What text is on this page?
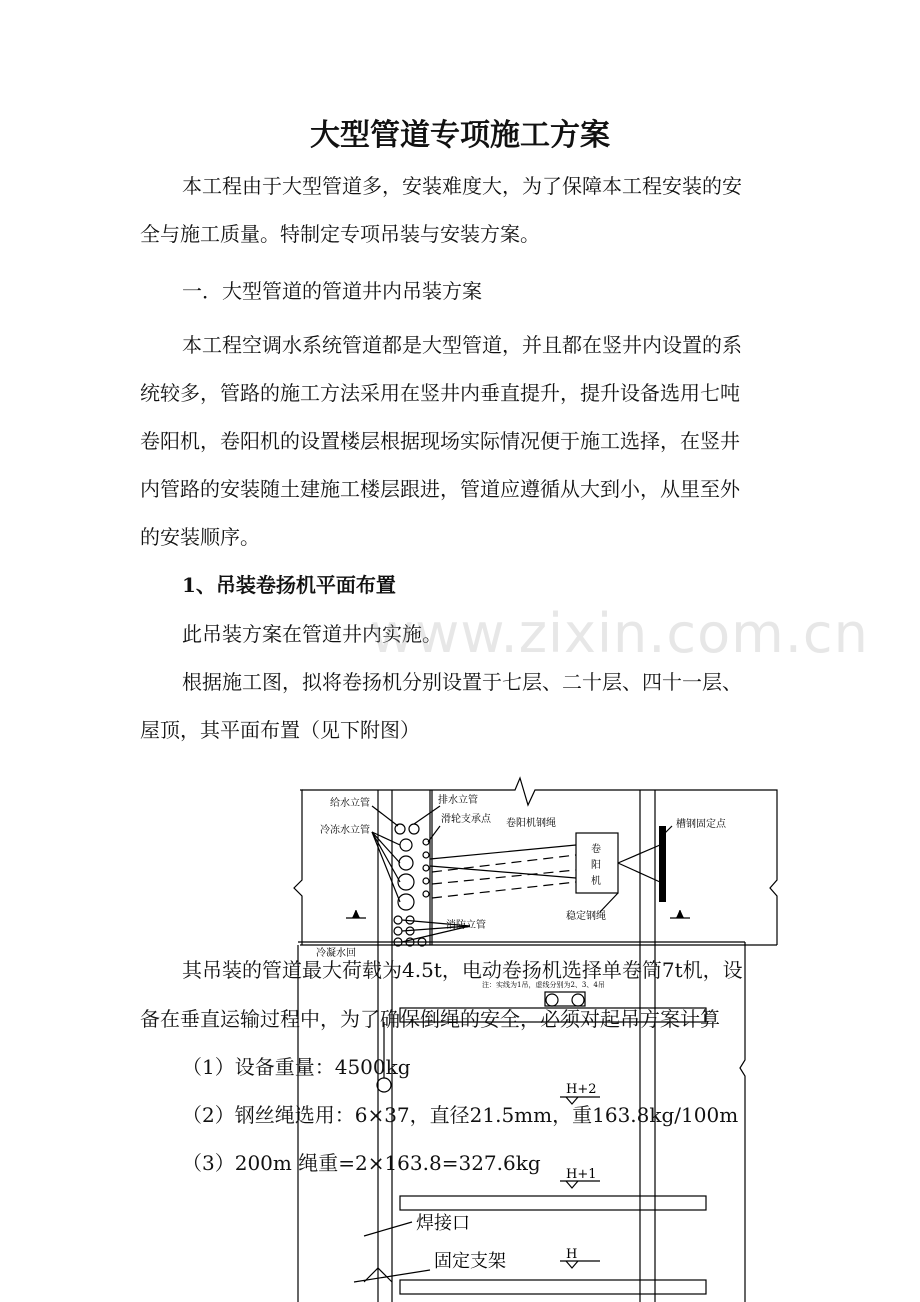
大型管道专项施工方案
本工程由于大型管道多，安装难度大，为了保障本工程安装的安
全与施工质量。特制定专项吊装与安装方案。
一．大型管道的管道井内吊装方案
本工程空调水系统管道都是大型管道，并且都在竖井内设置的系
统较多，管路的施工方法采用在竖井内垂直提升，提升设备选用七吨
卷阳机，卷阳机的设置楼层根据现场实际情况便于施工选择，在竖井
内管路的安装随土建施工楼层跟进，管道应遵循从大到小，从里至外
的安装顺序。
1、吊装卷扬机平面布置
此吊装方案在管道井内实施。
根据施工图，拟将卷扬机分别设置于七层、二十层、四十一层、
屋顶，其平面布置（见下附图）
www.zixin.com.cn
给水立管	排水立管
滑轮支承点
冷冻水立管
卷阳机钢绳
卷
阳
机
槽钢固定点
稳定钢绳
消防立管
冷凝水回
A	A
注：实线为1吊，虚线分别为2、3、4吊
H+2
H+1
H
焊接口
固定支架
其吊装的管道最大荷载为4.5t，电动卷扬机选择单卷筒7t机，设
备在垂直运输过程中，为了确保倒绳的安全，必须对起吊方案计算
（1）设备重量：4500kg
（2）钢丝绳选用：6×37，直径21.5mm，重163.8kg/100m
（3）200m 绳重=2×163.8=327.6kg
